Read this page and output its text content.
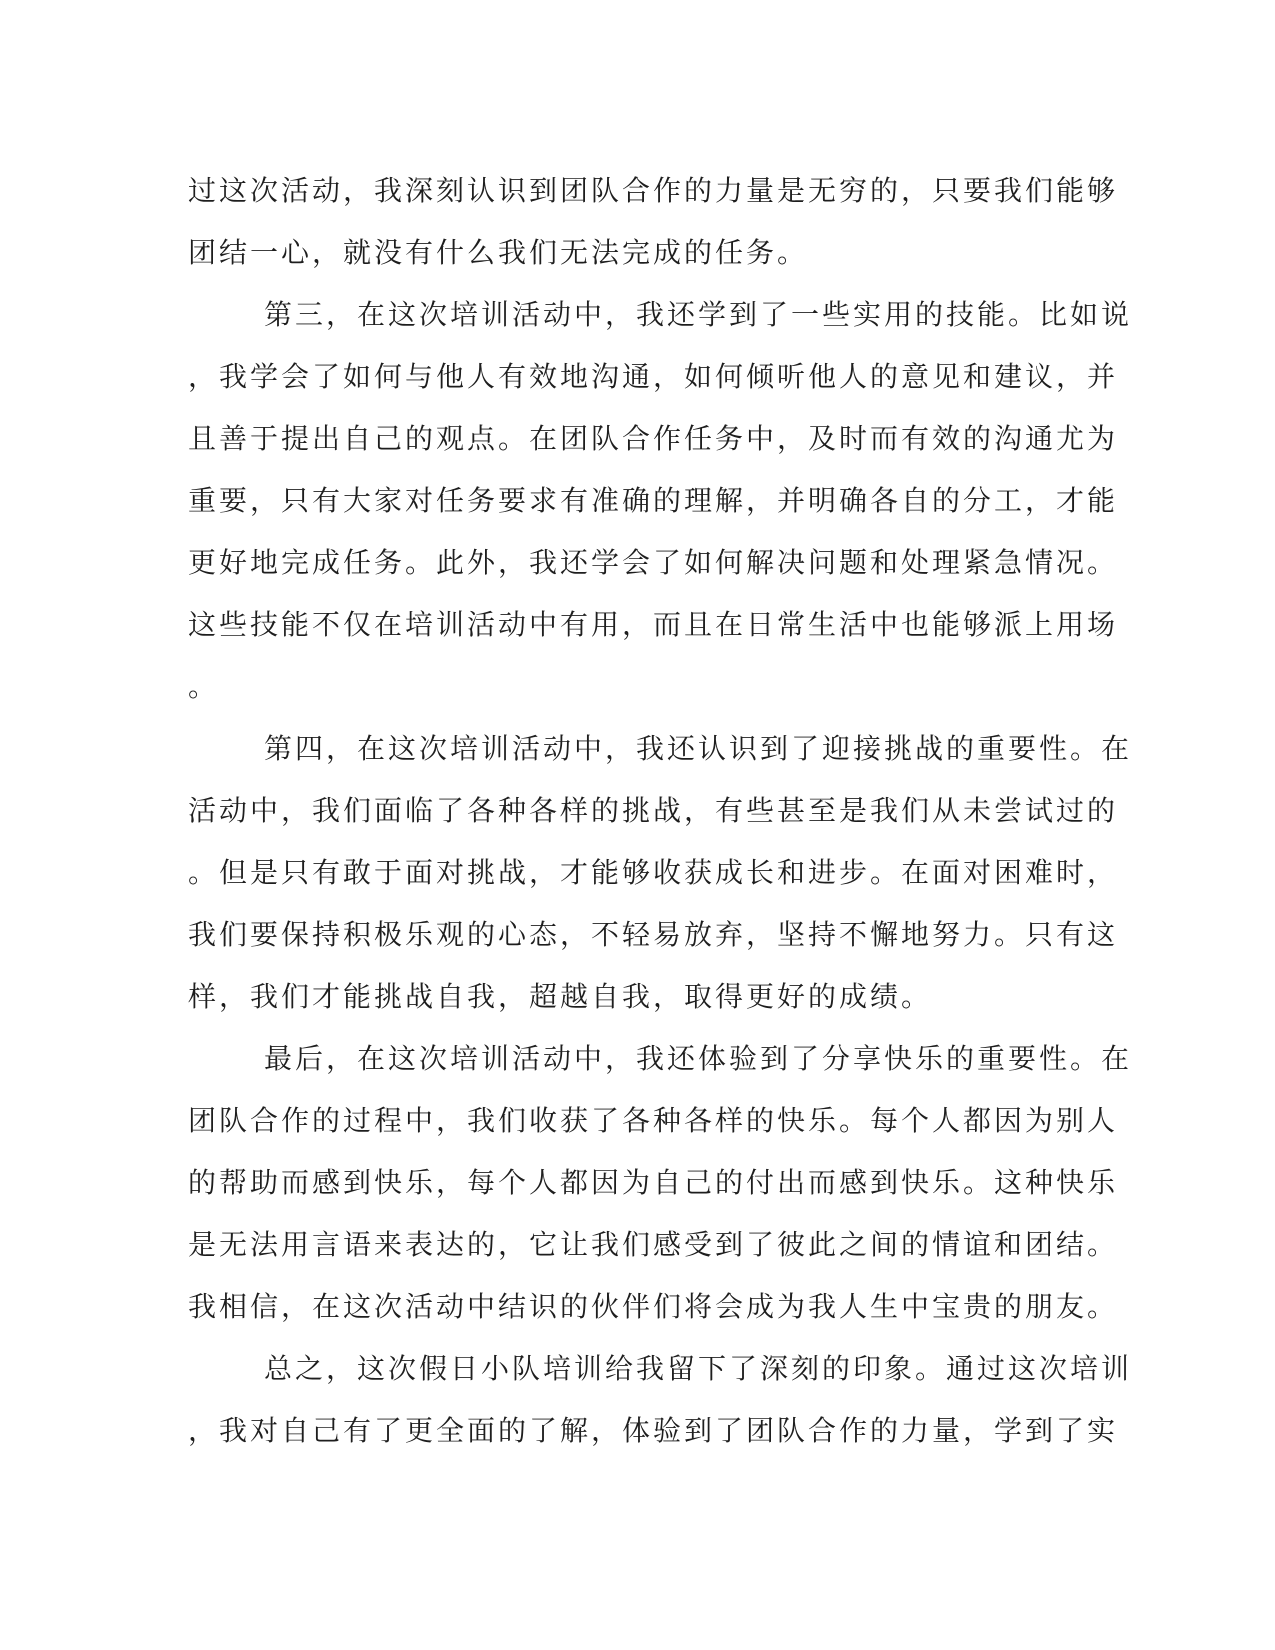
过这次活动，我深刻认识到团队合作的力量是无穷的，只要我们能够
团结一心，就没有什么我们无法完成的任务。
第三，在这次培训活动中，我还学到了一些实用的技能。比如说
，我学会了如何与他人有效地沟通，如何倾听他人的意见和建议，并
且善于提出自己的观点。在团队合作任务中，及时而有效的沟通尤为
重要，只有大家对任务要求有准确的理解，并明确各自的分工，才能
更好地完成任务。此外，我还学会了如何解决问题和处理紧急情况。
这些技能不仅在培训活动中有用，而且在日常生活中也能够派上用场
。
第四，在这次培训活动中，我还认识到了迎接挑战的重要性。在
活动中，我们面临了各种各样的挑战，有些甚至是我们从未尝试过的
。但是只有敢于面对挑战，才能够收获成长和进步。在面对困难时，
我们要保持积极乐观的心态，不轻易放弃，坚持不懈地努力。只有这
样，我们才能挑战自我，超越自我，取得更好的成绩。
最后，在这次培训活动中，我还体验到了分享快乐的重要性。在
团队合作的过程中，我们收获了各种各样的快乐。每个人都因为别人
的帮助而感到快乐，每个人都因为自己的付出而感到快乐。这种快乐
是无法用言语来表达的，它让我们感受到了彼此之间的情谊和团结。
我相信，在这次活动中结识的伙伴们将会成为我人生中宝贵的朋友。
总之，这次假日小队培训给我留下了深刻的印象。通过这次培训
，我对自己有了更全面的了解，体验到了团队合作的力量，学到了实
